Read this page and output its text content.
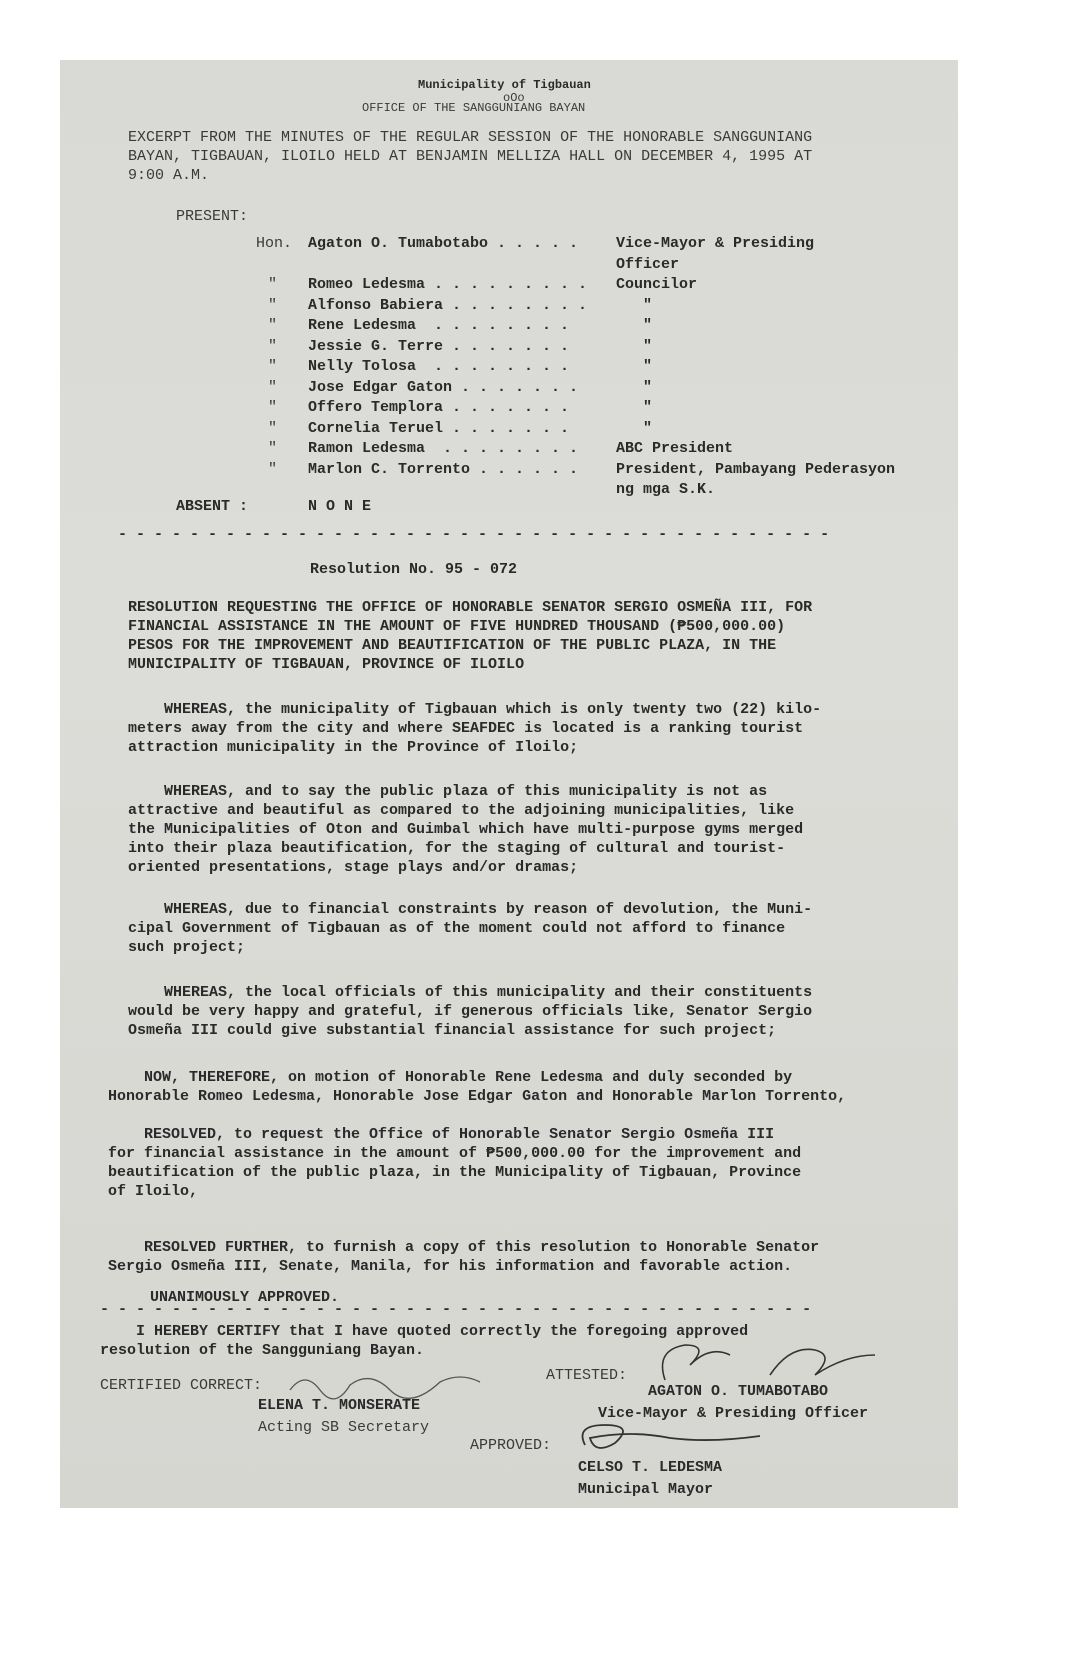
Municipality of Tigbauan
oOo
OFFICE OF THE SANGGUNIANG BAYAN
EXCERPT FROM THE MINUTES OF THE REGULAR SESSION OF THE HONORABLE SANGGUNIANG
BAYAN, TIGBAUAN, ILOILO HELD AT BENJAMIN MELLIZA HALL ON DECEMBER 4, 1995 AT
9:00 A.M.
PRESENT:
Hon. Agaton O. Tumabotabo . . . . .	Vice-Mayor & Presiding
Officer
" Romeo Ledesma . . . . . . . . . Councilor
" Alfonso Babiera . . . . . . . . "
" Rene Ledesma  . . . . . . . .	"
" Jessie G. Terre . . . . . . .	"
" Nelly Tolosa  . . . . . . . .	"
" Jose Edgar Gaton . . . . . . .	"
" Offero Templora . . . . . . .	"
" Cornelia Teruel . . . . . . .	"
" Ramon Ledesma  . . . . . . . .	ABC President
" Marlon C. Torrento . . . . . .	President, Pambayang Pederasyon
ng mga S.K.
ABSENT :	N O N E
- - - - - - - - - - - - - - - - - - - - - - - - - - - - - - - - - - - - - - - -
Resolution No. 95 - 072
RESOLUTION REQUESTING THE OFFICE OF HONORABLE SENATOR SERGIO OSMEÑA III, FOR
FINANCIAL ASSISTANCE IN THE AMOUNT OF FIVE HUNDRED THOUSAND (₱500,000.00)
PESOS FOR THE IMPROVEMENT AND BEAUTIFICATION OF THE PUBLIC PLAZA, IN THE
MUNICIPALITY OF TIGBAUAN, PROVINCE OF ILOILO
WHEREAS, the municipality of Tigbauan which is only twenty two (22) kilo-
meters away from the city and where SEAFDEC is located is a ranking tourist
attraction municipality in the Province of Iloilo;
WHEREAS, and to say the public plaza of this municipality is not as
attractive and beautiful as compared to the adjoining municipalities, like
the Municipalities of Oton and Guimbal which have multi-purpose gyms merged
into their plaza beautification, for the staging of cultural and tourist-
oriented presentations, stage plays and/or dramas;
WHEREAS, due to financial constraints by reason of devolution, the Muni-
cipal Government of Tigbauan as of the moment could not afford to finance
such project;
WHEREAS, the local officials of this municipality and their constituents
would be very happy and grateful, if generous officials like, Senator Sergio
Osmeña III could give substantial financial assistance for such project;
NOW, THEREFORE, on motion of Honorable Rene Ledesma and duly seconded by
Honorable Romeo Ledesma, Honorable Jose Edgar Gaton and Honorable Marlon Torrento,
RESOLVED, to request the Office of Honorable Senator Sergio Osmeña III
for financial assistance in the amount of ₱500,000.00 for the improvement and
beautification of the public plaza, in the Municipality of Tigbauan, Province
of Iloilo,
RESOLVED FURTHER, to furnish a copy of this resolution to Honorable Senator
Sergio Osmeña III, Senate, Manila, for his information and favorable action.
- - - - - - - - - - - - - - - - - - - - - - - - - - - - - - - - - - - - - - - -
UNANIMOUSLY APPROVED.
I HEREBY CERTIFY that I have quoted correctly the foregoing approved
resolution of the Sangguniang Bayan.
CERTIFIED CORRECT:
ELENA T. MONSERATE
Acting SB Secretary
ATTESTED:
AGATON O. TUMABOTABO
Vice-Mayor & Presiding Officer
APPROVED:
CELSO T. LEDESMA
Municipal Mayor
